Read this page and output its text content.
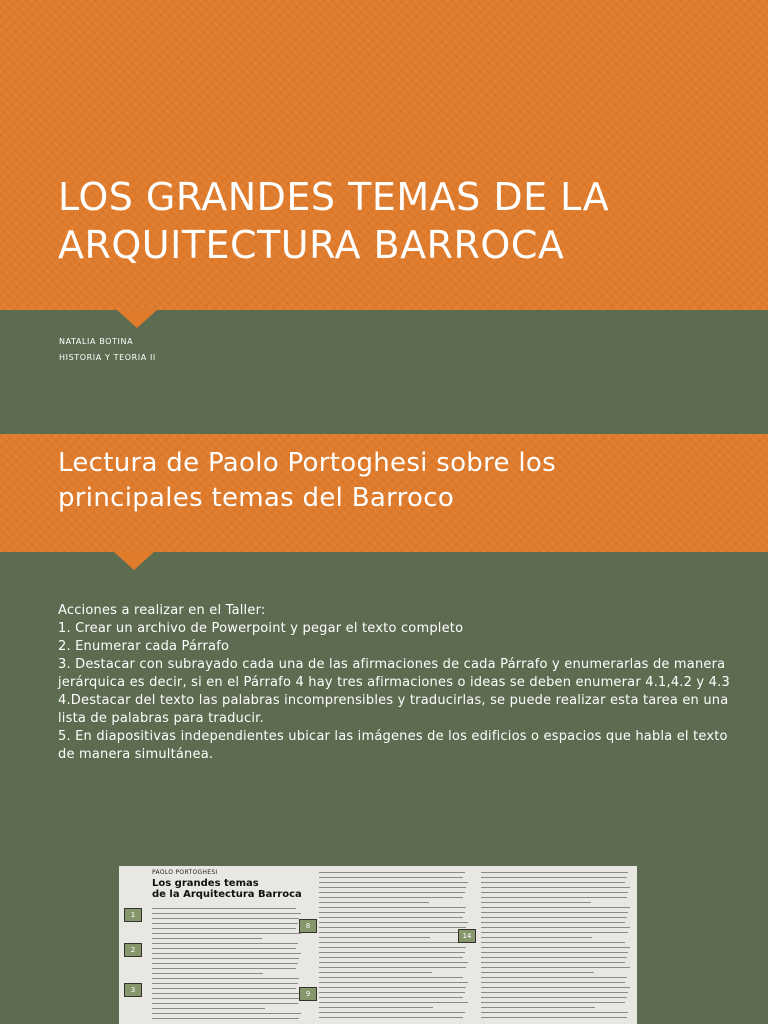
LOS GRANDES TEMAS DE LA
ARQUITECTURA BARROCA
NATALIA BOTINA
HISTORIA Y TEORIA II
Lectura de Paolo Portoghesi sobre los
principales temas del Barroco

Acciones a realizar en el Taller:

1. Crear un archivo de Powerpoint y pegar el texto completo

2. Enumerar cada Párrafo

3. Destacar con subrayado cada una de las afirmaciones de cada Párrafo y enumerarlas de manera jerárquica es decir, si en el Párrafo 4 hay tres afirmaciones o ideas se deben enumerar 4.1,4.2 y 4.3

4.Destacar del texto las palabras incomprensibles y traducirlas, se puede realizar esta tarea en una lista de palabras para traducir.

5. En diapositivas independientes ubicar las imágenes de los edificios o espacios que habla el texto de manera simultánea.

PAOLO PORTOGHESI
Los grandes temas
de la Arquitectura Barroca
1
2
3
8
9
14
